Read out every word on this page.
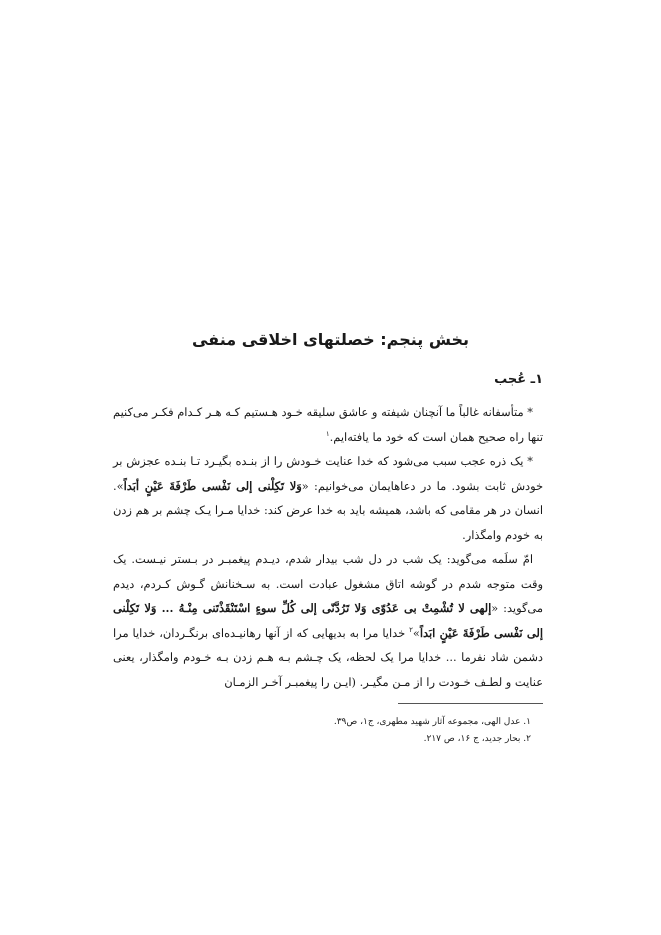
بخش پنجم: خصلتهای اخلاقی منفی
۱ـ عُجب

* متأسفانه غالباً ما آنچنان شیفته و عاشق سلیقه خـود هـستیم کـه هـر کـدام فکـر می‌کنیم تنها راه صحیح همان است که خود ما یافته‌ایم.$^۱$

* یک ذره عجب سبب می‌شود که خدا عنایت خـودش را از بنـده بگیـرد تـا بنـده عجزش بر خودش ثابت بشود. ما در دعاهایمان می‌خوانیم: «وَلا تَکِلْنی إلی نَفْسی طَرْفَةَ عَیْنٍ أبَداً». انسان در هر مقامی که باشد، همیشه باید به خدا عرض کند: خدایا مـرا یـک چشم بر هم زدن به خودم وامگذار.

امّ سلَمه می‌گوید: یک شب در دل شب بیدار شدم، دیـدم پیغمبـر در بـستر نیـست. یک وقت متوجه شدم در گوشه اتاق مشغول عبادت است. به سـخنانش گـوش کـردم، دیدم می‌گوید: «إلهی لا تُشْمِتْ بی عَدُوّی وَلا تَرُدَّنّی إلی کُلِّ سوءٍ اسْتَنْقَذْتَنی مِنْـهُ ... وَلا تَکِلْنی إلی نَفْسی طَرْفَةَ عَیْنٍ ابَداً»$^۲$ خدایا مرا به بدیهایی که از آنها رهانیـده‌ای برنگـردان، خدایا مرا دشمن شاد نفرما ... خدایا مرا یک لحظه، یک چـشم بـه هـم زدن بـه خـودم وامگذار، یعنی عنایت و لطـف خـودت را از مـن مگیـر. (ایـن را پیغمبـر آخـر الزمـان

۱. عدل الهی، مجموعه آثار شهید مطهری، ج۱، ص۳۹.
۲. بحار جدید، ج ۱۶، ص ۲۱۷.
